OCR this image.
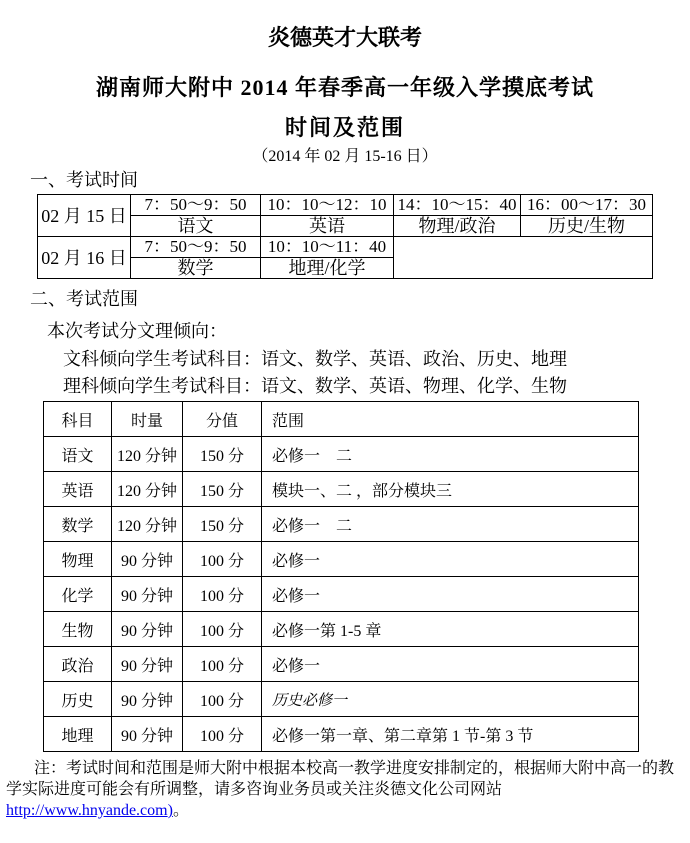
炎德英才大联考
湖南师大附中 2014 年春季高一年级入学摸底考试
时间及范围
（2014 年 02 月 15-16 日）
一、考试时间
02 月 15 日	7：50～9：50	10：10～12：10	14：10～15：40	16：00～17：30
	语文	英语	物理/政治	历史/生物
02 月 16 日	7：50～9：50	10：10～11：40		
	数学	地理/化学		
二、考试范围
本次考试分文理倾向：
文科倾向学生考试科目：语文、数学、英语、政治、历史、地理
理科倾向学生考试科目：语文、数学、英语、物理、化学、生物
科目	时量	分值	范围
语文	120 分钟	150 分	必修一　二
英语	120 分钟	150 分	模块一、二 ，部分模块三
数学	120 分钟	150 分	必修一　二
物理	90 分钟	100 分	必修一
化学	90 分钟	100 分	必修一
生物	90 分钟	100 分	必修一第 1-5 章
政治	90 分钟	100 分	必修一
历史	90 分钟	100 分	历史必修一
地理	90 分钟	100 分	必修一第一章、第二章第 1 节-第 3 节

注：考试时间和范围是师大附中根据本校高一教学进度安排制定的，根据师大附中高一的教学实际进度可能会有所调整，请多咨询业务员或关注炎德文化公司网站 http://www.hnyande.com)。
